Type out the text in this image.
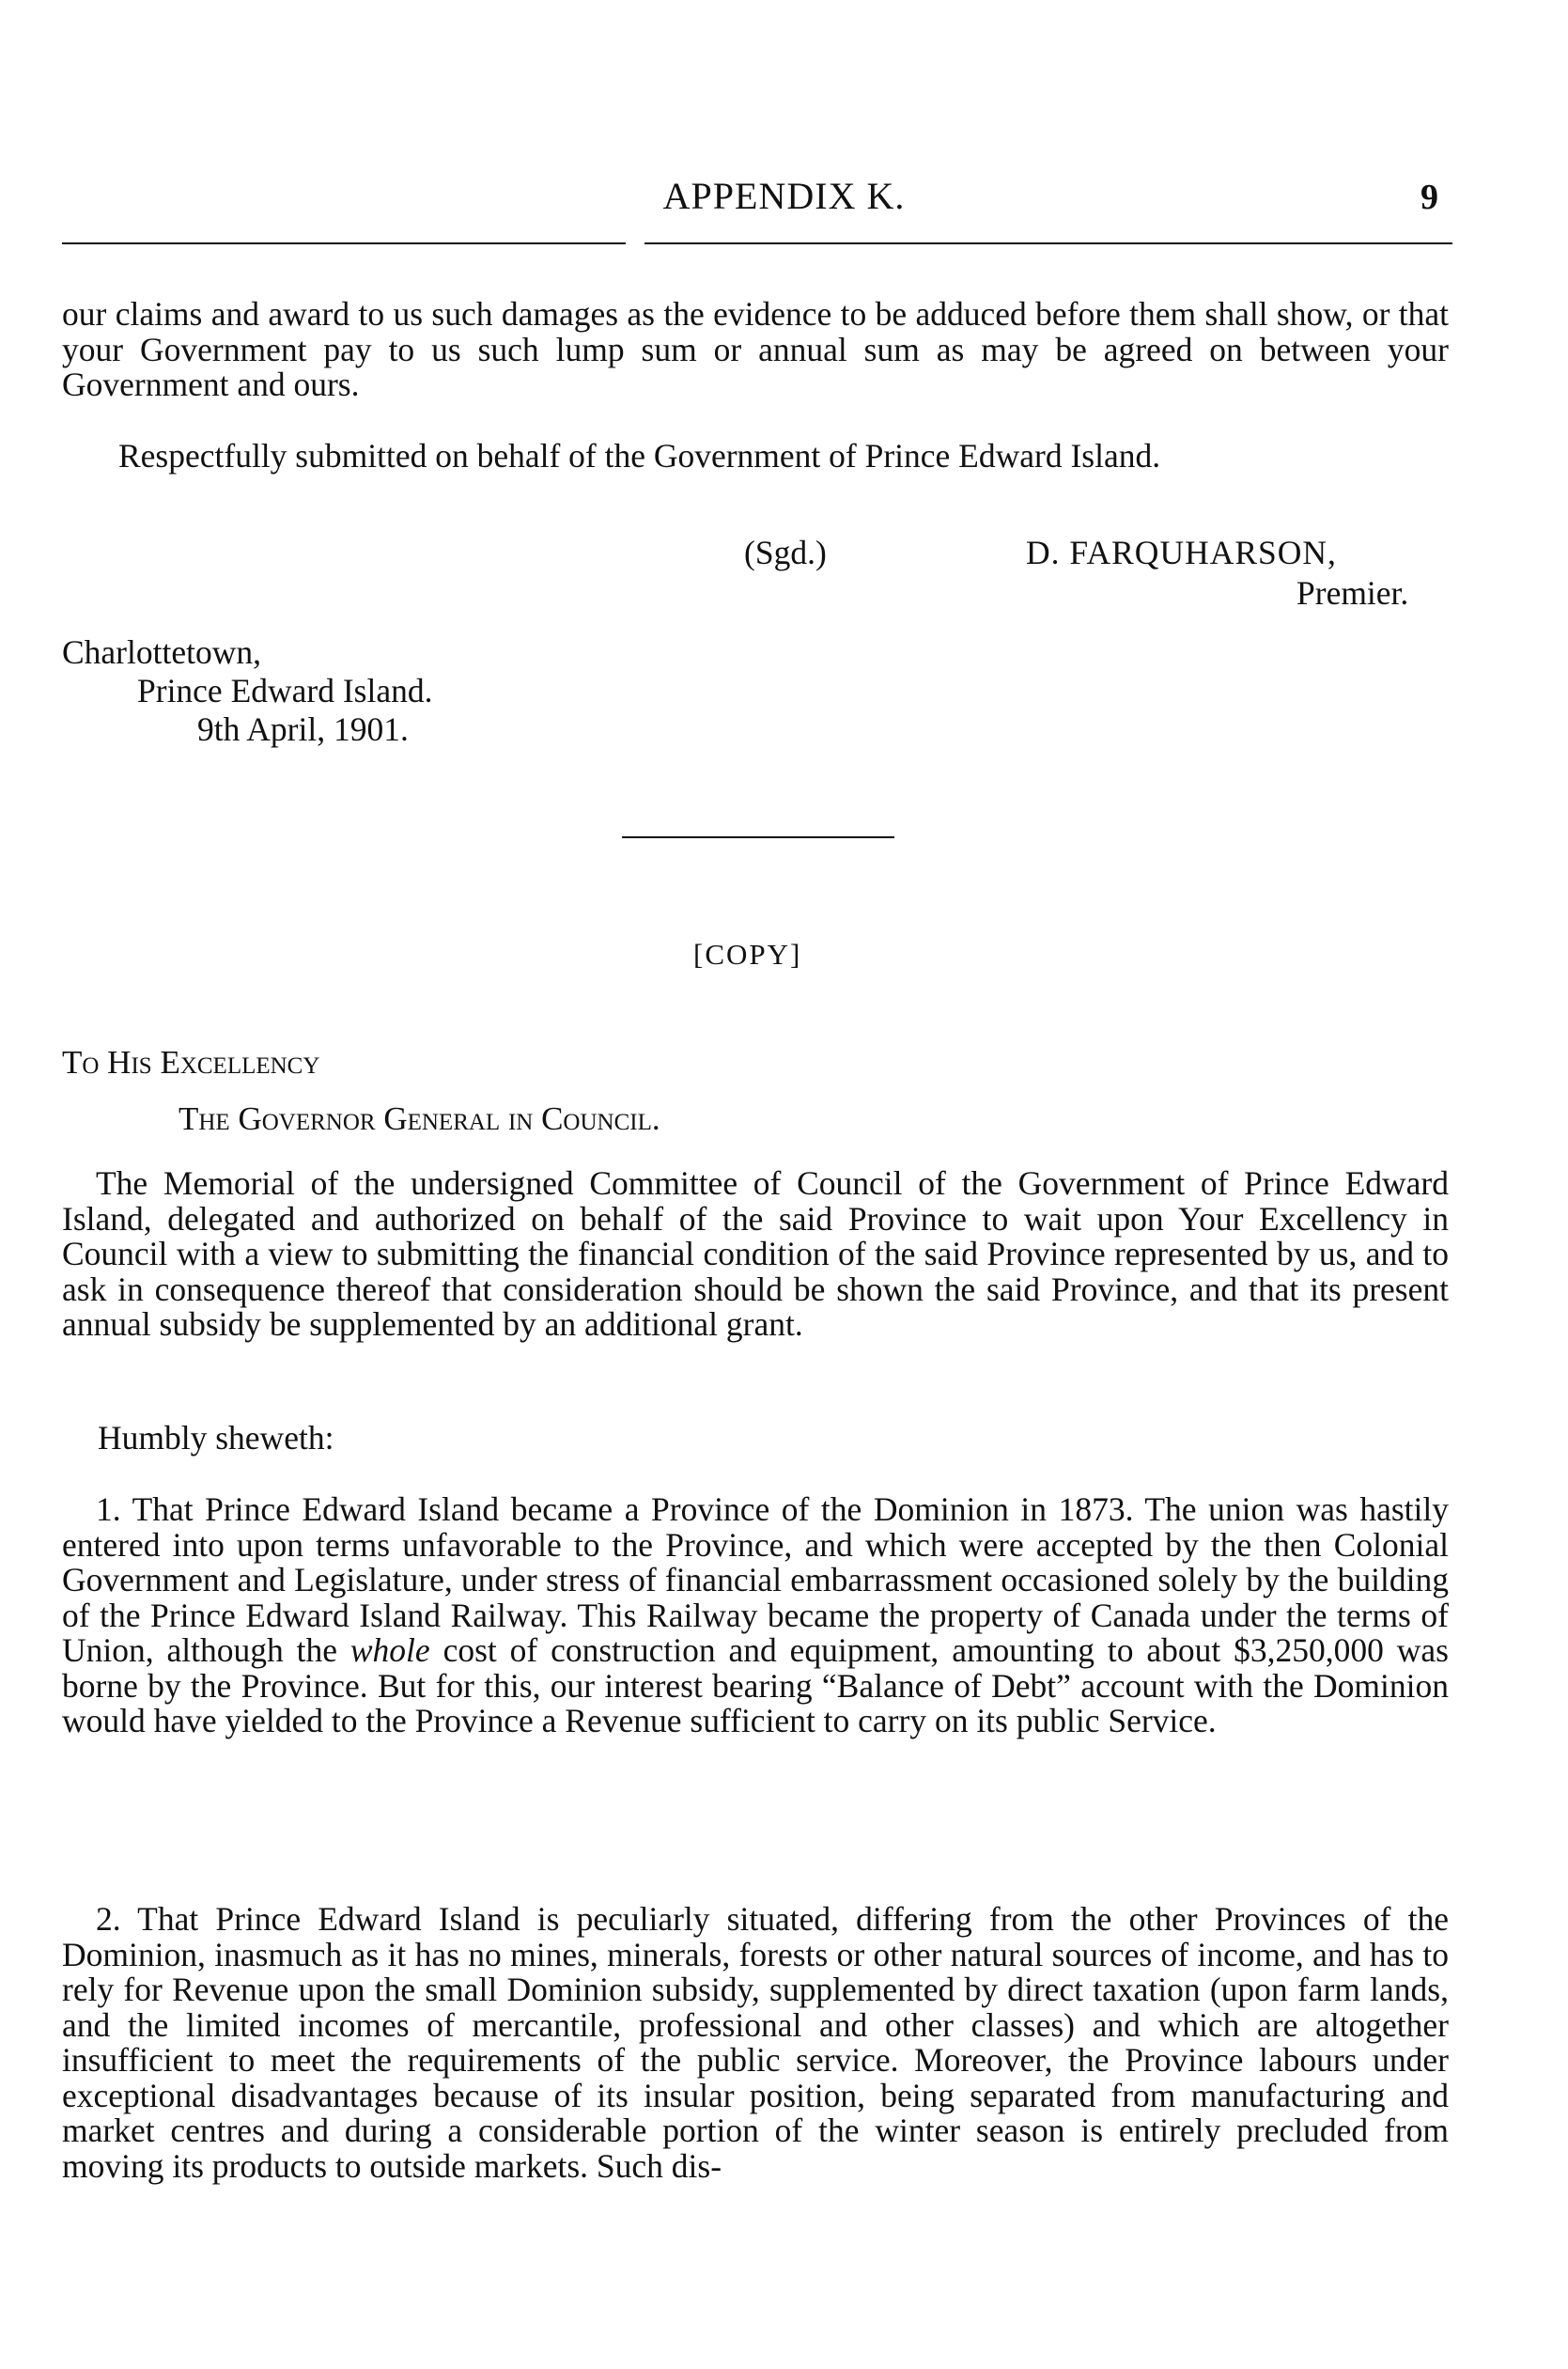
APPENDIX K.	9
our claims and award to us such damages as the evidence to be adduced before them shall show, or that your Government pay to us such lump sum or annual sum as may be agreed on between your Government and ours.
Respectfully submitted on behalf of the Government of Prince Edward Island.
(Sgd.)	D. FARQUHARSON,
Premier.
Charlottetown,
Prince Edward Island.
9th April, 1901.
[COPY]
To His Excellency
The Governor General in Council.
The Memorial of the undersigned Committee of Council of the Government of Prince Edward Island, delegated and authorized on behalf of the said Province to wait upon Your Excellency in Council with a view to submitting the financial condition of the said Province represented by us, and to ask in consequence thereof that consideration should be shown the said Province, and that its present annual subsidy be supplemented by an additional grant.
Humbly sheweth:
1. That Prince Edward Island became a Province of the Dominion in 1873. The union was hastily entered into upon terms unfavorable to the Province, and which were accepted by the then Colonial Government and Legislature, under stress of financial embarrassment occasioned solely by the building of the Prince Edward Island Railway. This Railway became the property of Canada under the terms of Union, although the whole cost of construction and equipment, amounting to about $3,250,000 was borne by the Province. But for this, our interest bearing “Balance of Debt” account with the Dominion would have yielded to the Province a Revenue sufficient to carry on its public Service.
2. That Prince Edward Island is peculiarly situated, differing from the other Provinces of the Dominion, inasmuch as it has no mines, minerals, forests or other natural sources of income, and has to rely for Revenue upon the small Dominion subsidy, supplemented by direct taxation (upon farm lands, and the limited incomes of mercantile, professional and other classes) and which are altogether insufficient to meet the requirements of the public service. Moreover, the Province labours under exceptional disadvantages because of its insular position, being separated from manufacturing and market centres and during a considerable portion of the winter season is entirely precluded from moving its products to outside markets. Such dis-
